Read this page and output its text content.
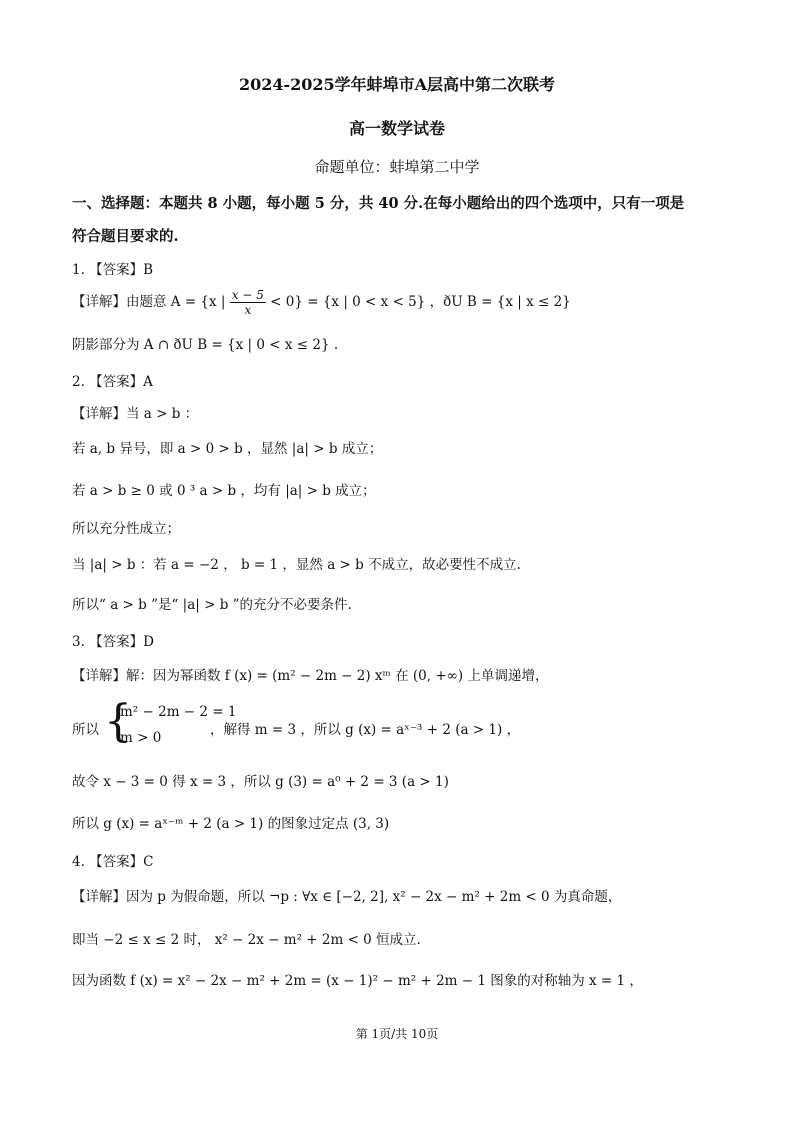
2024-2025学年蚌埠市A层高中第二次联考
高一数学试卷
命题单位：蚌埠第二中学
一、选择题：本题共 8 小题，每小题 5 分，共 40 分.在每小题给出的四个选项中，只有一项是
符合题目要求的.
1. 【答案】B
【详解】由题意 A = {x | $\frac{x - 5}{x} < 0\} = \{x$ | 0 < x < 5} ，ðU B = {x | x ≤ 2}
阴影部分为 A ∩ ðU B = {x | 0 < x ≤ 2} .
2. 【答案】A
【详解】当 a > b ：
若 a, b 异号，即 a > 0 > b ，显然 |a| > b 成立；
若 a > b ≥ 0 或 0 ³ a > b ，均有 |a| > b 成立；
所以充分性成立；
当 |a| > b ：若 a = −2 ， b = 1 ，显然 a > b 不成立，故必要性不成立.
所以“ a > b ”是“ |a| > b ”的充分不必要条件.
3. 【答案】D
【详解】解：因为幂函数 f (x) = (m² − 2m − 2) xᵐ 在 (0, +∞) 上单调递增，
所以 {
m² − 2m − 2 = 1
m > 0	，解得 m = 3 ，所以 g (x) = aˣ⁻³ + 2 (a > 1) ，
故令 x − 3 = 0 得 x = 3 ，所以 g (3) = a⁰ + 2 = 3 (a > 1)
所以 g (x) = aˣ⁻ᵐ + 2 (a > 1) 的图象过定点 (3, 3)
4. 【答案】C
【详解】因为 p 为假命题，所以 ¬p : ∀x ∈ [−2, 2], x² − 2x − m² + 2m < 0 为真命题，
即当 −2 ≤ x ≤ 2 时， x² − 2x − m² + 2m < 0 恒成立.
因为函数 f (x) = x² − 2x − m² + 2m = (x − 1)² − m² + 2m − 1 图象的对称轴为 x = 1 ，
第 1页/共 10页
